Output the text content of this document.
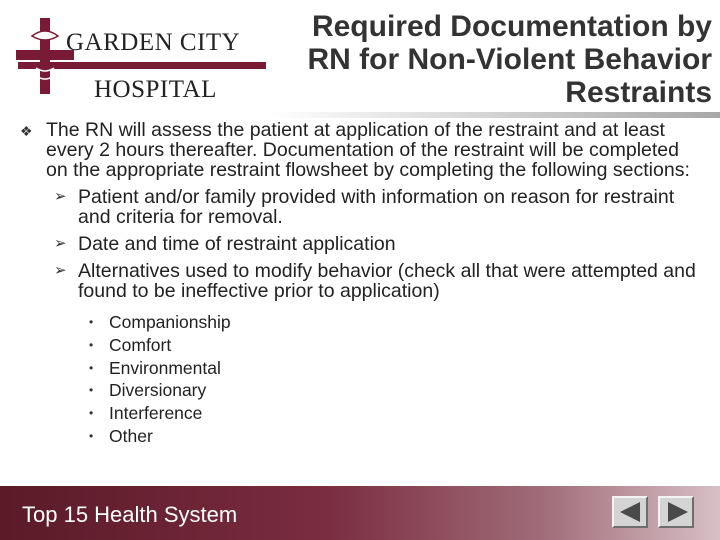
GARDEN CITY
HOSPITAL
Required Documentation by RN for Non-Violent Behavior Restraints
❖ The RN will assess the patient at application of the restraint and at least every 2 hours thereafter. Documentation of the restraint will be completed on the appropriate restraint flowsheet by completing the following sections:
➢ Patient and/or family provided with information on reason for restraint and criteria for removal.
➢ Date and time of restraint application
➢ Alternatives used to modify behavior (check all that were attempted and found to be ineffective prior to application)
• Companionship
• Comfort
• Environmental
• Diversionary
• Interference
• Other
Top 15 Health System
